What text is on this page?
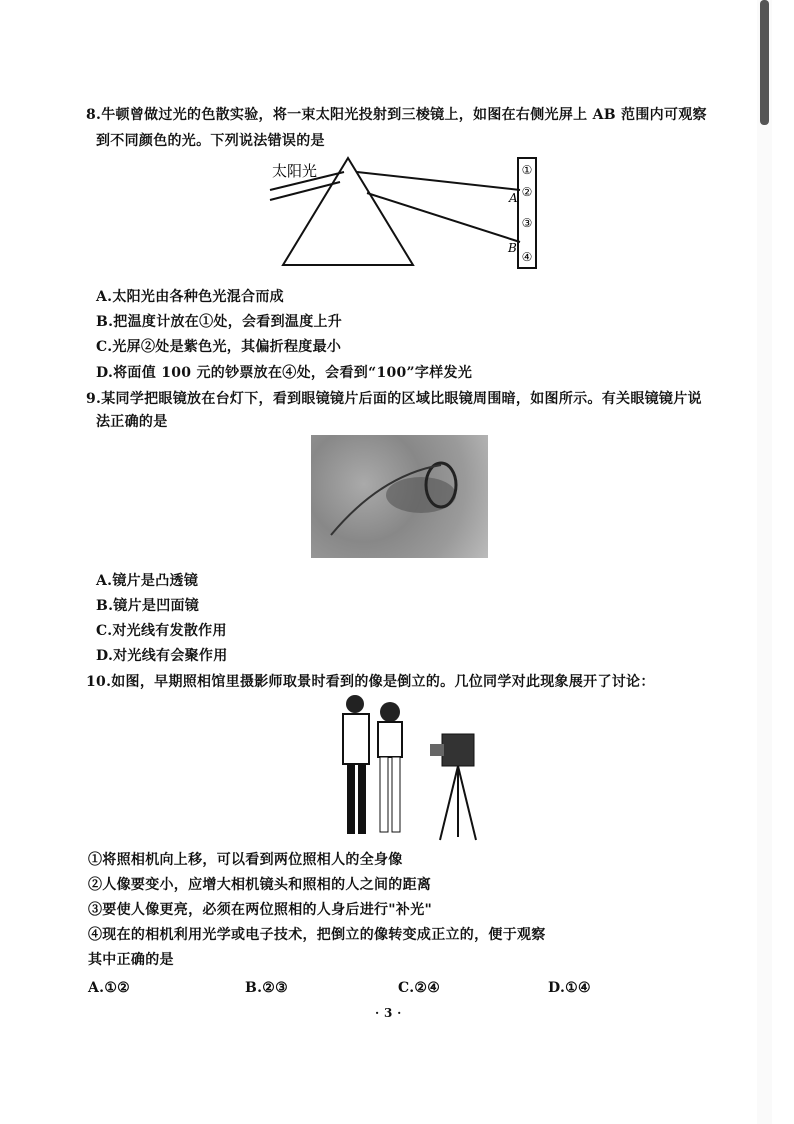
8.牛顿曾做过光的色散实验，将一束太阳光投射到三棱镜上，如图在右侧光屏上 AB 范围内可观察
到不同颜色的光。下列说法错误的是
太阳光	①
②
③
④
A
B
A.太阳光由各种色光混合而成
B.把温度计放在①处，会看到温度上升
C.光屏②处是紫色光，其偏折程度最小
D.将面值 100 元的钞票放在④处，会看到“100”字样发光
9.某同学把眼镜放在台灯下，看到眼镜镜片后面的区域比眼镜周围暗，如图所示。有关眼镜镜片说
法正确的是
A.镜片是凸透镜
B.镜片是凹面镜
C.对光线有发散作用
D.对光线有会聚作用
10.如图，早期照相馆里摄影师取景时看到的像是倒立的。几位同学对此现象展开了讨论：
①将照相机向上移，可以看到两位照相人的全身像
②人像要变小，应增大相机镜头和照相的人之间的距离
③要使人像更亮，必须在两位照相的人身后进行"补光"
④现在的相机利用光学或电子技术，把倒立的像转变成正立的，便于观察
其中正确的是
A.①②	B.②③	C.②④	D.①④
· 3 ·
